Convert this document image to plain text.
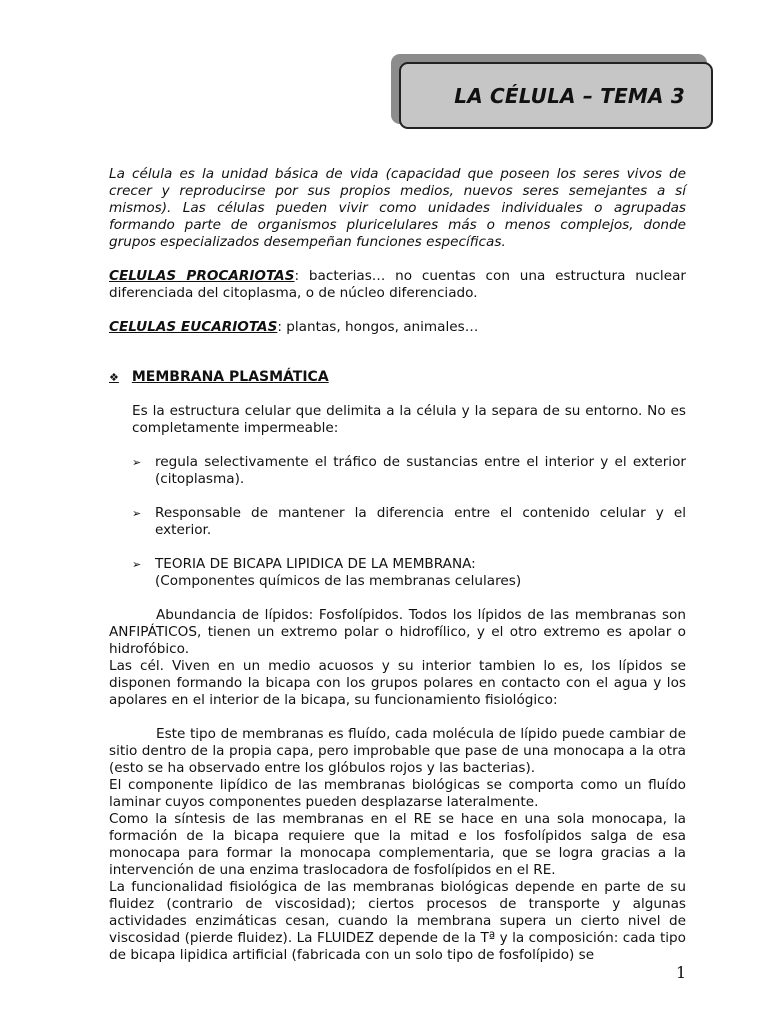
LA CÉLULA – TEMA 3

La célula es la unidad básica de vida (capacidad que poseen los seres vivos de crecer y reproducirse por sus propios medios, nuevos seres semejantes a sí mismos). Las células pueden vivir como unidades individuales o agrupadas formando parte de organismos pluricelulares más o menos complejos, donde grupos especializados desempeñan funciones específicas.

CELULAS PROCARIOTAS: bacterias… no cuentas con una estructura nuclear diferenciada del citoplasma, o de núcleo diferenciado.

CELULAS EUCARIOTAS: plantas, hongos, animales…

❖ MEMBRANA PLASMÁTICA

Es la estructura celular que delimita a la célula y la separa de su entorno. No es completamente impermeable:

➢	regula selectivamente el tráfico de sustancias entre el interior y el exterior (citoplasma).
➢	Responsable de mantener la diferencia entre el contenido celular y el exterior.
➢	TEORIA DE BICAPA LIPIDICA DE LA MEMBRANA:
(Componentes químicos de las membranas celulares)

Abundancia de lípidos: Fosfolípidos. Todos los lípidos de las membranas son ANFIPÁTICOS, tienen un extremo polar o hidrofílico, y el otro extremo es apolar o hidrofóbico.

Las cél. Viven en un medio acuosos y su interior tambien lo es, los lípidos se disponen formando la bicapa con los grupos polares en contacto con el agua y los apolares en el interior de la bicapa, su funcionamiento fisiológico:

Este tipo de membranas es fluído, cada molécula de lípido puede cambiar de sitio dentro de la propia capa, pero improbable que pase de una monocapa a la otra (esto se ha observado entre los glóbulos rojos y las bacterias).

El componente lipídico de las membranas biológicas se comporta como un fluído laminar cuyos componentes pueden desplazarse lateralmente.

Como la síntesis de las membranas en el RE se hace en una sola monocapa, la formación de la bicapa requiere que la mitad e los fosfolípidos salga de esa monocapa para formar la monocapa complementaria, que se logra gracias a la intervención de una enzima traslocadora de fosfolípidos en el RE.

La funcionalidad fisiológica de las membranas biológicas depende en parte de su fluidez (contrario de viscosidad); ciertos procesos de transporte y algunas actividades enzimáticas cesan, cuando la membrana supera un cierto nivel de viscosidad (pierde fluidez). La FLUIDEZ depende de la Tª y la composición: cada tipo de bicapa lipidica artificial (fabricada con un solo tipo de fosfolípido) se

1
